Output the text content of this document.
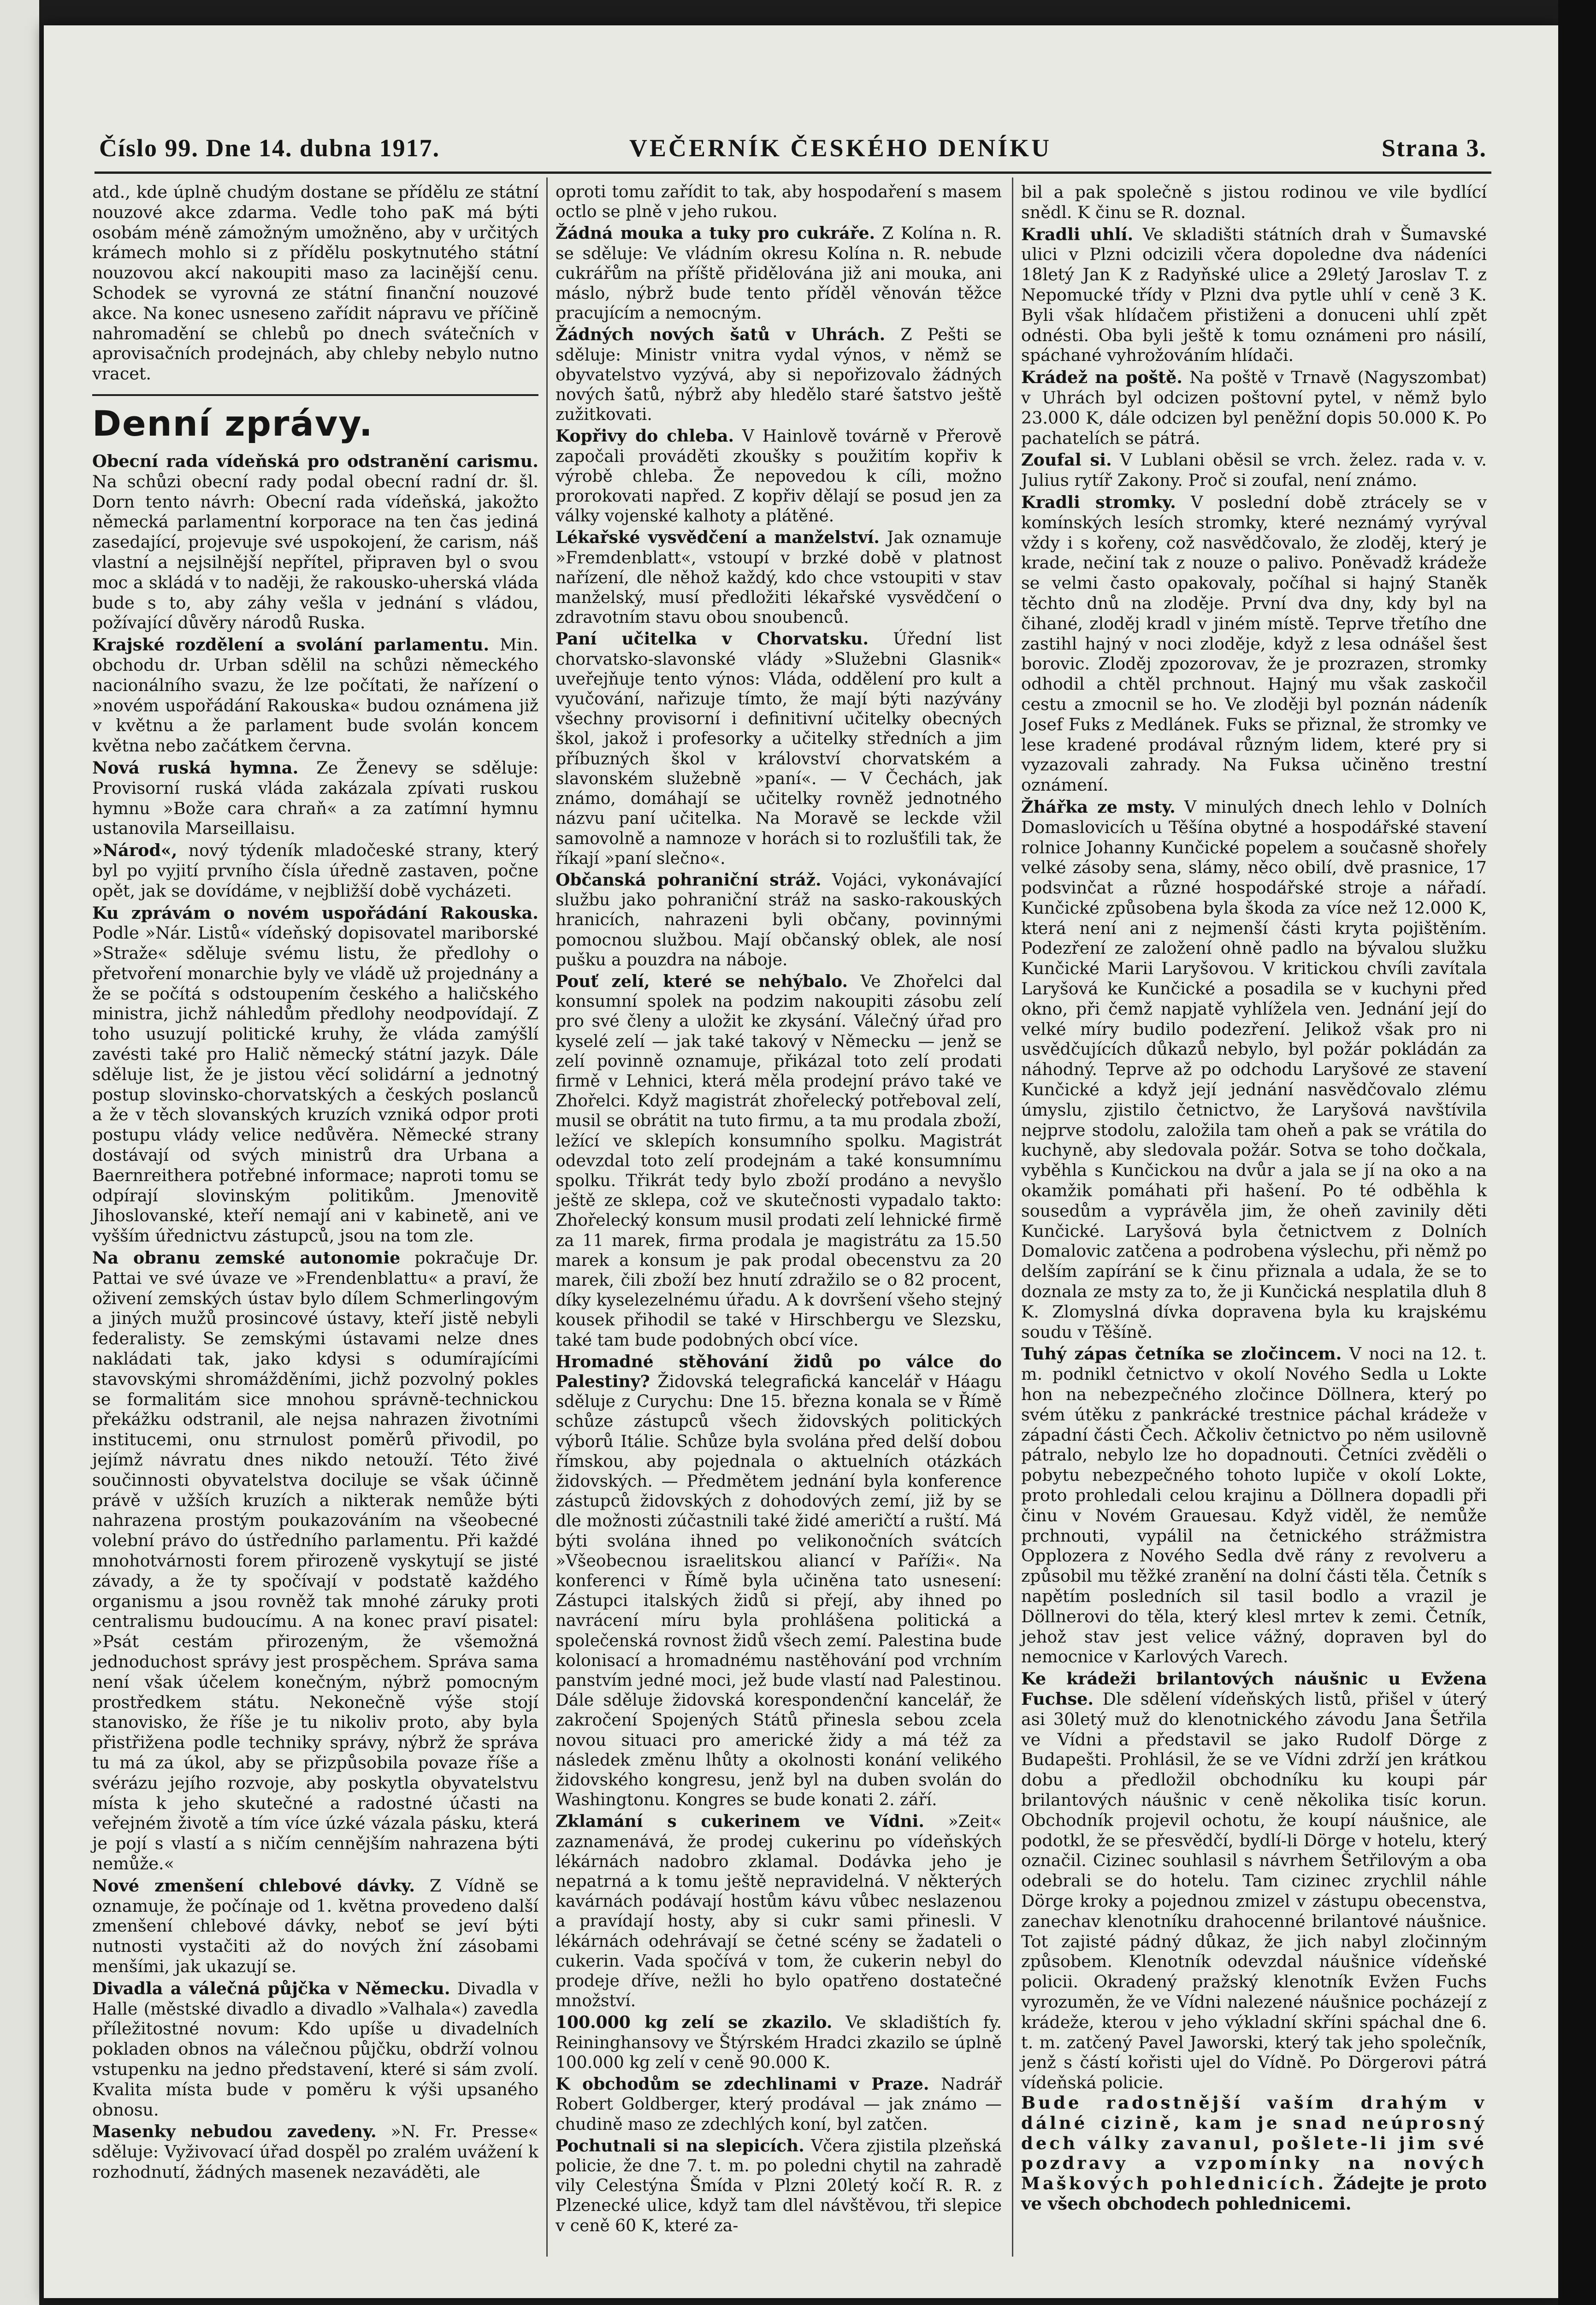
Číslo 99. Dne 14. dubna 1917.	VEČERNÍK ČESKÉHO DENÍKU	Strana 3.

atd., kde úplně chudým dostane se přídělu ze státní nouzové akce zdarma. Vedle toho paK má býti osobám méně zámožným umožněno, aby v určitých krámech mohlo si z přídělu poskytnutého státní nouzovou akcí nakoupiti maso za lacinější cenu. Schodek se vyrovná ze státní finanční nouzové akce. Na konec usneseno zařídit nápravu ve příčině nahromadění se chlebů po dnech svátečních v aprovisačních prodejnách, aby chleby nebylo nutno vracet.

Denní zprávy.

Obecní rada vídeňská pro odstranění carismu. Na schůzi obecní rady podal obecní radní dr. šl. Dorn tento návrh: Obecní rada vídeňská, jakožto německá parlamentní korporace na ten čas jediná zasedající, projevuje své uspokojení, že carism, náš vlastní a nejsilnější nepřítel, připraven byl o svou moc a skládá v to naději, že rakousko-uherská vláda bude s to, aby záhy vešla v jednání s vládou, požívající důvěry národů Ruska.

Krajské rozdělení a svolání parlamentu. Min. obchodu dr. Urban sdělil na schůzi německého nacionálního svazu, že lze počítati, že nařízení o »novém uspořádání Rakouska« budou oznámena již v květnu a že parlament bude svolán koncem května nebo začátkem června.

Nová ruská hymna. Ze Ženevy se sděluje: Provisorní ruská vláda zakázala zpívati ruskou hymnu »Bože cara chraň« a za zatímní hymnu ustanovila Marseillaisu.

»Národ«, nový týdeník mladočeské strany, který byl po vyjití prvního čísla úředně zastaven, počne opět, jak se dovídáme, v nejbližší době vycházeti.

Ku zprávám o novém uspořádání Rakouska. Podle »Nár. Listů« vídeňský dopisovatel mariborské »Straže« sděluje svému listu, že předlohy o přetvoření monarchie byly ve vládě už projednány a že se počítá s odstoupením českého a haličského ministra, jichž náhledům předlohy neodpovídají. Z toho usuzují politické kruhy, že vláda zamýšlí zavésti také pro Halič německý státní jazyk. Dále sděluje list, že je jistou věcí solidární a jednotný postup slovinsko-chorvatských a českých poslanců a že v těch slovanských kruzích vzniká odpor proti postupu vlády velice nedůvěra. Německé strany dostávají od svých ministrů dra Urbana a Baernreithera potřebné informace; naproti tomu se odpírají slovinským politikům. Jmenovitě Jihoslovanské, kteří nemají ani v kabinetě, ani ve vyšším úřednictvu zástupců, jsou na tom zle.

Na obranu zemské autonomie pokračuje Dr. Pattai ve své úvaze ve »Frendenblattu« a praví, že oživení zemských ústav bylo dílem Schmerlingovým a jiných mužů prosincové ústavy, kteří jistě nebyli federalisty. Se zemskými ústavami nelze dnes nakládati tak, jako kdysi s odumírajícími stavovskými shromážděními, jichž pozvolný pokles se formalitám sice mnohou správně-technickou překážku odstranil, ale nejsa nahrazen životními institucemi, onu strnulost poměrů přivodil, po jejímž návratu dnes nikdo netouží. Této živé součinnosti obyvatelstva dociluje se však účinně právě v užších kruzích a nikterak nemůže býti nahrazena prostým poukazováním na všeobecné volební právo do ústředního parlamentu. Při každé mnohotvárnosti forem přirozeně vyskytují se jisté závady, a že ty spočívají v podstatě každého organismu a jsou rovněž tak mnohé záruky proti centralismu budoucímu. A na konec praví pisatel: »Psát cestám přirozeným, že všemožná jednoduchost správy jest prospěchem. Správa sama není však účelem konečným, nýbrž pomocným prostředkem státu. Nekonečně výše stojí stanovisko, že říše je tu nikoliv proto, aby byla přistřižena podle techniky správy, nýbrž že správa tu má za úkol, aby se přizpůsobila povaze říše a svérázu jejího rozvoje, aby poskytla obyvatelstvu místa k jeho skutečné a radostné účasti na veřejném životě a tím více úzké vázala pásku, která je pojí s vlastí a s ničím cennějším nahrazena býti nemůže.«

Nové zmenšení chlebové dávky. Z Vídně se oznamuje, že počínaje od 1. května provedeno další zmenšení chlebové dávky, neboť se jeví býti nutnosti vystačiti až do nových žní zásobami menšími, jak ukazují se.

Divadla a válečná půjčka v Německu. Divadla v Halle (městské divadlo a divadlo »Valhala«) zavedla příležitostné novum: Kdo upíše u divadelních pokladen obnos na válečnou půjčku, obdrží volnou vstupenku na jedno představení, které si sám zvolí. Kvalita místa bude v poměru k výši upsaného obnosu.

Masenky nebudou zavedeny. »N. Fr. Presse« sděluje: Vyživovací úřad dospěl po zralém uvážení k rozhodnutí, žádných masenek nezaváděti, ale

oproti tomu zařídit to tak, aby hospodaření s masem octlo se plně v jeho rukou.

Žádná mouka a tuky pro cukráře. Z Kolína n. R. se sděluje: Ve vládním okresu Kolína n. R. nebude cukrářům na příště přidělována již ani mouka, ani máslo, nýbrž bude tento příděl věnován těžce pracujícím a nemocným.

Žádných nových šatů v Uhrách. Z Pešti se sděluje: Ministr vnitra vydal výnos, v němž se obyvatelstvo vyzývá, aby si nepořizovalo žádných nových šatů, nýbrž aby hledělo staré šatstvo ještě zužitkovati.

Kopřivy do chleba. V Hainlově továrně v Přerově započali prováděti zkoušky s použitím kopřiv k výrobě chleba. Že nepovedou k cíli, možno prorokovati napřed. Z kopřiv dělají se posud jen za války vojenské kalhoty a plátěné.

Lékařské vysvědčení a manželství. Jak oznamuje »Fremdenblatt«, vstoupí v brzké době v platnost nařízení, dle něhož každý, kdo chce vstoupiti v stav manželský, musí předložiti lékařské vysvědčení o zdravotním stavu obou snoubenců.

Paní učitelka v Chorvatsku. Úřední list chorvatsko-slavonské vlády »Služebni Glasnik« uveřejňuje tento výnos: Vláda, oddělení pro kult a vyučování, nařizuje tímto, že mají býti nazývány všechny provisorní i definitivní učitelky obecných škol, jakož i profesorky a učitelky středních a jim příbuzných škol v království chorvatském a slavonském služebně »paní«. — V Čechách, jak známo, domáhají se učitelky rovněž jednotného názvu paní učitelka. Na Moravě se leckde vžil samovolně a namnoze v horách si to rozlušťili tak, že říkají »paní slečno«.

Občanská pohraniční stráž. Vojáci, vykonávající službu jako pohraniční stráž na sasko-rakouských hranicích, nahrazeni byli občany, povinnými pomocnou službou. Mají občanský oblek, ale nosí pušku a pouzdra na náboje.

Pouť zelí, které se nehýbalo. Ve Zhořelci dal konsumní spolek na podzim nakoupiti zásobu zelí pro své členy a uložit ke zkysání. Válečný úřad pro kyselé zelí — jak také takový v Německu — jenž se zelí povinně oznamuje, přikázal toto zelí prodati firmě v Lehnici, která měla prodejní právo také ve Zhořelci. Když magistrát zhořelecký potřeboval zelí, musil se obrátit na tuto firmu, a ta mu prodala zboží, ležící ve sklepích konsumního spolku. Magistrát odevzdal toto zelí prodejnám a také konsumnímu spolku. Třikrát tedy bylo zboží prodáno a nevyšlo ještě ze sklepa, což ve skutečnosti vypadalo takto: Zhořelecký konsum musil prodati zelí lehnické firmě za 11 marek, firma prodala je magistrátu za 15.50 marek a konsum je pak prodal obecenstvu za 20 marek, čili zboží bez hnutí zdražilo se o 82 procent, díky kyselezelnému úřadu. A k dovršení všeho stejný kousek přihodil se také v Hirschbergu ve Slezsku, také tam bude podobných obcí více.

Hromadné stěhování židů po válce do Palestiny? Židovská telegrafická kancelář v Háagu sděluje z Curychu: Dne 15. března konala se v Římě schůze zástupců všech židovských politických výborů Itálie. Schůze byla svolána před delší dobou římskou, aby pojednala o aktuelních otázkách židovských. — Předmětem jednání byla konference zástupců židovských z dohodových zemí, již by se dle možnosti zúčastnili také židé američtí a ruští. Má býti svolána ihned po velikonočních svátcích »Všeobecnou israelitskou aliancí v Paříži«. Na konferenci v Římě byla učiněna tato usnesení: Zástupci italských židů si přejí, aby ihned po navrácení míru byla prohlášena politická a společenská rovnost židů všech zemí. Palestina bude kolonisací a hromadnému nastěhování pod vrchním panstvím jedné moci, jež bude vlastí nad Palestinou. Dále sděluje židovská korespondenční kancelář, že zakročení Spojených Států přinesla sebou zcela novou situaci pro americké židy a má též za následek změnu lhůty a okolnosti konání velikého židovského kongresu, jenž byl na duben svolán do Washingtonu. Kongres se bude konati 2. září.

Zklamání s cukerinem ve Vídni. »Zeit« zaznamenává, že prodej cukerinu po vídeňských lékárnách nadobro zklamal. Dodávka jeho je nepatrná a k tomu ještě nepravidelná. V některých kavárnách podávají hostům kávu vůbec neslazenou a pravídají hosty, aby si cukr sami přinesli. V lékárnách odehrávají se četné scény se žadateli o cukerin. Vada spočívá v tom, že cukerin nebyl do prodeje dříve, nežli ho bylo opatřeno dostatečné množství.

100.000 kg zelí se zkazilo. Ve skladištích fy. Reininghansovy ve Štýrském Hradci zkazilo se úplně 100.000 kg zelí v ceně 90.000 K.

K obchodům se zdechlinami v Praze. Nadrář Robert Goldberger, který prodával — jak známo — chudině maso ze zdechlých koní, byl zatčen.

Pochutnali si na slepicích. Včera zjistila plzeňská policie, že dne 7. t. m. po poledni chytil na zahradě vily Celestýna Šmída v Plzni 20letý kočí R. R. z Plzenecké ulice, když tam dlel návštěvou, tři slepice v ceně 60 K, které za-

bil a pak společně s jistou rodinou ve vile bydlící snědl. K činu se R. doznal.

Kradli uhlí. Ve skladišti státních drah v Šumavské ulici v Plzni odcizili včera dopoledne dva nádeníci 18letý Jan K z Radyňské ulice a 29letý Jaroslav T. z Nepomucké třídy v Plzni dva pytle uhlí v ceně 3 K. Byli však hlídačem přistiženi a donuceni uhlí zpět odnésti. Oba byli ještě k tomu oznámeni pro násilí, spáchané vyhrožováním hlídači.

Krádež na poště. Na poště v Trnavě (Nagyszombat) v Uhrách byl odcizen poštovní pytel, v němž bylo 23.000 K, dále odcizen byl peněžní dopis 50.000 K. Po pachatelích se pátrá.

Zoufal si. V Lublani oběsil se vrch. želez. rada v. v. Julius rytíř Zakony. Proč si zoufal, není známo.

Kradli stromky. V poslední době ztrácely se v komínských lesích stromky, které neznámý vyrýval vždy i s kořeny, což nasvědčovalo, že zloděj, který je krade, nečiní tak z nouze o palivo. Poněvadž krádeže se velmi často opakovaly, počíhal si hajný Staněk těchto dnů na zloděje. První dva dny, kdy byl na čihané, zloděj kradl v jiném místě. Teprve třetího dne zastihl hajný v noci zloděje, když z lesa odnášel šest borovic. Zloděj zpozorovav, že je prozrazen, stromky odhodil a chtěl prchnout. Hajný mu však zaskočil cestu a zmocnil se ho. Ve zloději byl poznán nádeník Josef Fuks z Medlánek. Fuks se přiznal, že stromky ve lese kradené prodával různým lidem, které pry si vyzazovali zahrady. Na Fuksa učiněno trestní oznámení.

Žhářka ze msty. V minulých dnech lehlo v Dolních Domaslovicích u Těšína obytné a hospodářské stavení rolnice Johanny Kunčické popelem a současně shořely velké zásoby sena, slámy, něco obilí, dvě prasnice, 17 podsvinčat a různé hospodářské stroje a nářadí. Kunčické způsobena byla škoda za více než 12.000 K, která není ani z nejmenší části kryta pojištěním. Podezření ze založení ohně padlo na bývalou služku Kunčické Marii Laryšovou. V kritickou chvíli zavítala Laryšová ke Kunčické a posadila se v kuchyni před okno, při čemž napjatě vyhlížela ven. Jednání její do velké míry budilo podezření. Jelikož však pro ni usvědčujících důkazů nebylo, byl požár pokládán za náhodný. Teprve až po odchodu Laryšové ze stavení Kunčické a když její jednání nasvědčovalo zlému úmyslu, zjistilo četnictvo, že Laryšová navštívila nejprve stodolu, založila tam oheň a pak se vrátila do kuchyně, aby sledovala požár. Sotva se toho dočkala, vyběhla s Kunčickou na dvůr a jala se jí na oko a na okamžik pomáhati při hašení. Po té odběhla k sousedům a vyprávěla jim, že oheň zavinily děti Kunčické. Laryšová byla četnictvem z Dolních Domalovic zatčena a podrobena výslechu, při němž po delším zapírání se k činu přiznala a udala, že se to doznala ze msty za to, že ji Kunčická nesplatila dluh 8 K. Zlomyslná dívka dopravena byla ku krajskému soudu v Těšíně.

Tuhý zápas četníka se zločincem. V noci na 12. t. m. podnikl četnictvo v okolí Nového Sedla u Lokte hon na nebezpečného zločince Döllnera, který po svém útěku z pankrácké trestnice páchal krádeže v západní části Čech. Ačkoliv četnictvo po něm usilovně pátralo, nebylo lze ho dopadnouti. Četníci zvěděli o pobytu nebezpečného tohoto lupiče v okolí Lokte, proto prohledali celou krajinu a Döllnera dopadli při činu v Novém Grauesau. Když viděl, že nemůže prchnouti, vypálil na četnického strážmistra Opplozera z Nového Sedla dvě rány z revolveru a způsobil mu těžké zranění na dolní části těla. Četník s napětím posledních sil tasil bodlo a vrazil je Döllnerovi do těla, který klesl mrtev k zemi. Četník, jehož stav jest velice vážný, dopraven byl do nemocnice v Karlových Varech.

Ke krádeži brilantových náušnic u Evžena Fuchse. Dle sdělení vídeňských listů, přišel v úterý asi 30letý muž do klenotnického závodu Jana Šetřila ve Vídni a představil se jako Rudolf Dörge z Budapešti. Prohlásil, že se ve Vídni zdrží jen krátkou dobu a předložil obchodníku ku koupi pár brilantových náušnic v ceně několika tisíc korun. Obchodník projevil ochotu, že koupí náušnice, ale podotkl, že se přesvědčí, bydlí-li Dörge v hotelu, který označil. Cizinec souhlasil s návrhem Šetřilovým a oba odebrali se do hotelu. Tam cizinec zrychlil náhle Dörge kroky a pojednou zmizel v zástupu obecenstva, zanechav klenotníku drahocenné brilantové náušnice. Tot zajisté pádný důkaz, že jich nabyl zločinným způsobem. Klenotník odevzdal náušnice vídeňské policii. Okradený pražský klenotník Evžen Fuchs vyrozuměn, že ve Vídni nalezené náušnice pocházejí z krádeže, kterou v jeho výkladní skříni spáchal dne 6. t. m. zatčený Pavel Jaworski, který tak jeho společník, jenž s částí kořisti ujel do Vídně. Po Dörgerovi pátrá vídeňská policie.

Bude radostnější vaším drahým v dálné cizině, kam je snad neúprosný dech války zavanul, pošlete-li jim své pozdravy a vzpomínky na nových Maškových pohlednicích. Žádejte je proto ve všech obchodech pohlednicemi.
